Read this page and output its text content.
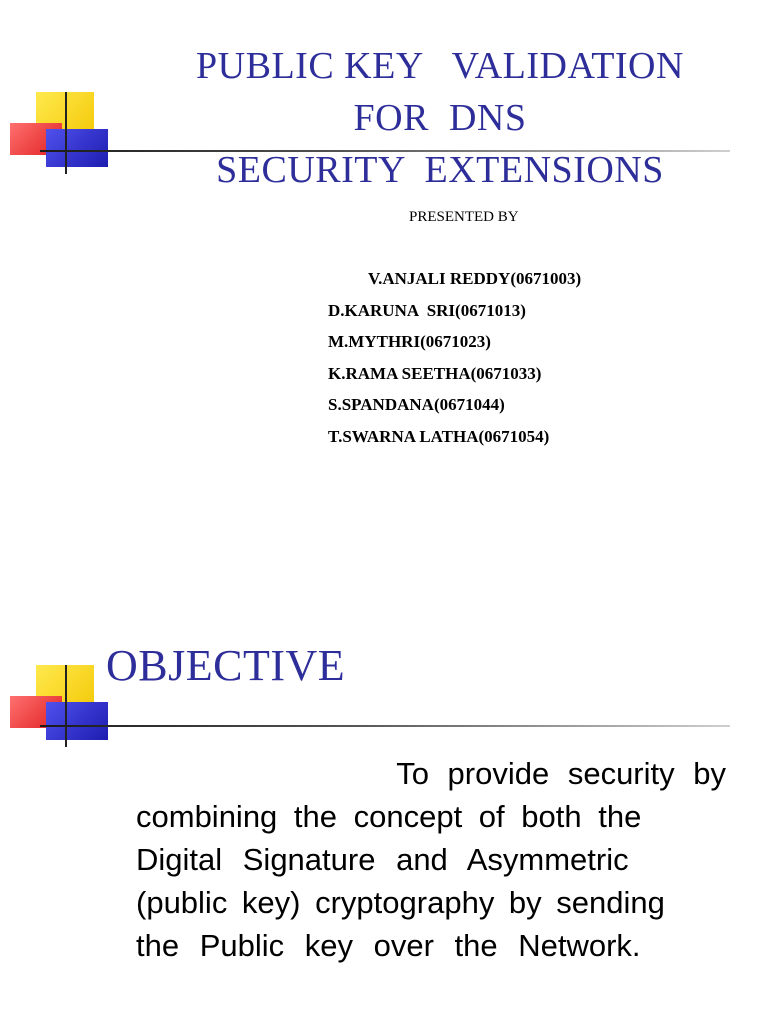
PUBLIC KEY   VALIDATION
FOR  DNS
SECURITY  EXTENSIONS
PRESENTED BY
V.ANJALI REDDY(0671003)
D.KARUNA  SRI(0671013)
M.MYTHRI(0671023)
K.RAMA SEETHA(0671033)
S.SPANDANA(0671044)
T.SWARNA LATHA(0671054)
OBJECTIVE
To provide security by
combining the concept of both the
Digital Signature and Asymmetric
(public key) cryptography by sending
the Public key over the Network.
